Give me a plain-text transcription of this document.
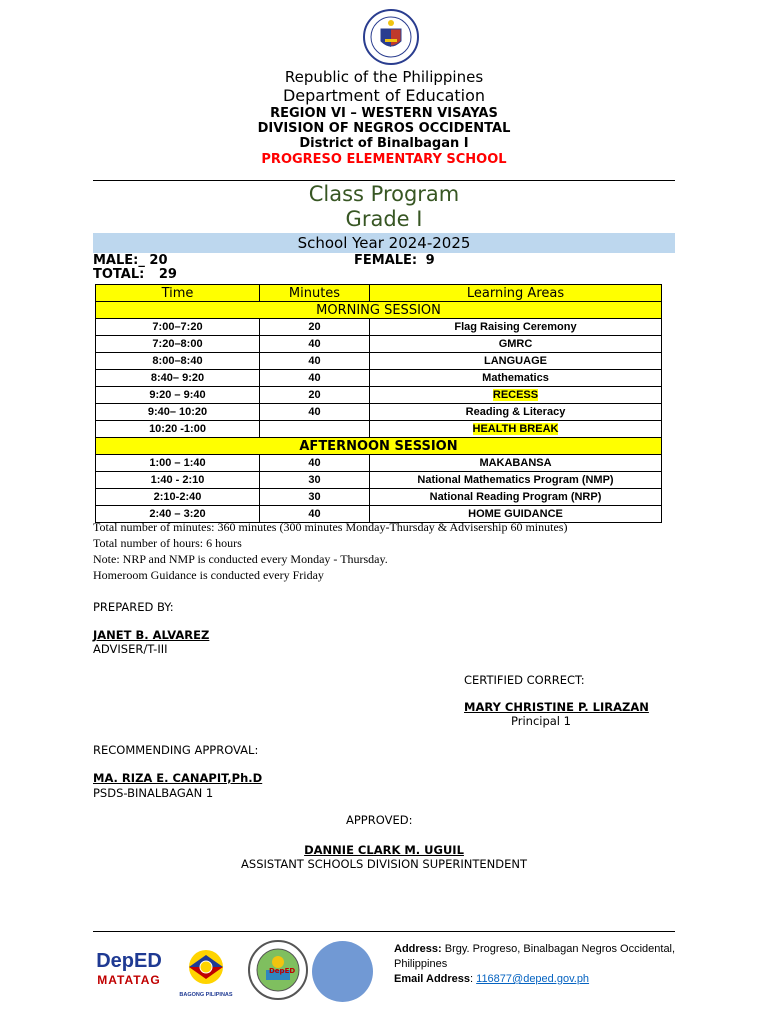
Republic of the Philippines
Department of Education
REGION VI – WESTERN VISAYAS
DIVISION OF NEGROS OCCIDENTAL
District of Binalbagan I
PROGRESO ELEMENTARY SCHOOL
Class Program
Grade I
School Year 2024-2025
MALE:_ 20	FEMALE: 9
TOTAL: 29
Time	Minutes	Learning Areas
MORNING SESSION		
7:00–7:20	20	Flag Raising Ceremony
7:20–8:00	40	GMRC
8:00–8:40	40	LANGUAGE
8:40– 9:20	40	Mathematics
9:20 – 9:40	20	RECESS
9:40– 10:20	40	Reading & Literacy
10:20 -1:00		HEALTH BREAK
AFTERNOON SESSION		
1:00 – 1:40	40	MAKABANSA
1:40 - 2:10	30	National Mathematics Program (NMP)
2:10-2:40	30	National Reading Program (NRP)
2:40 – 3:20	40	HOME GUIDANCE
Total number of minutes: 360 minutes (300 minutes Monday-Thursday & Advisership 60 minutes)
Total number of hours: 6 hours
Note: NRP and NMP is conducted every Monday - Thursday.
Homeroom Guidance is conducted every Friday
PREPARED BY:
JANET B. ALVAREZ
ADVISER/T-III
CERTIFIED CORRECT:
MARY CHRISTINE P. LIRAZAN
Principal 1
RECOMMENDING APPROVAL:
MA. RIZA E. CANAPIT,Ph.D
PSDS-BINALBAGAN 1
APPROVED:
DANNIE CLARK M. UGUIL
ASSISTANT SCHOOLS DIVISION SUPERINTENDENT
DepED
MATATAG
BAGONG PILIPINAS
DepED
Address: Brgy. Progreso, Binalbagan Negros Occidental, Philippines
Email Address: 116877@deped.gov.ph
